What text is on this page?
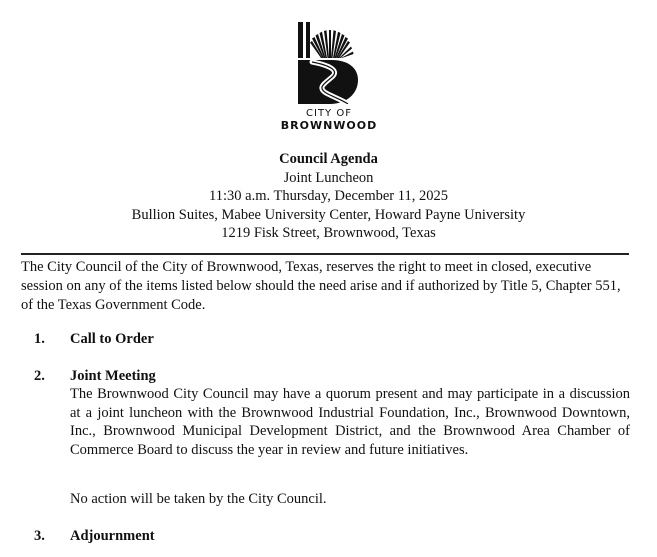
CITY OF
BROWNWOOD
Council Agenda
Joint Luncheon
11:30 a.m. Thursday, December 11, 2025
Bullion Suites, Mabee University Center, Howard Payne University
1219 Fisk Street, Brownwood, Texas
The City Council of the City of Brownwood, Texas, reserves the right to meet in closed, executive session on any of the items listed below should the need arise and if authorized by Title 5, Chapter 551, of the Texas Government Code.
1. Call to Order
2. Joint Meeting
The Brownwood City Council may have a quorum present and may participate in a discussion at a joint luncheon with the Brownwood Industrial Foundation, Inc., Brownwood Downtown, Inc., Brownwood Municipal Development District, and the Brownwood Area Chamber of Commerce Board to discuss the year in review and future initiatives.
No action will be taken by the City Council.
3. Adjournment
